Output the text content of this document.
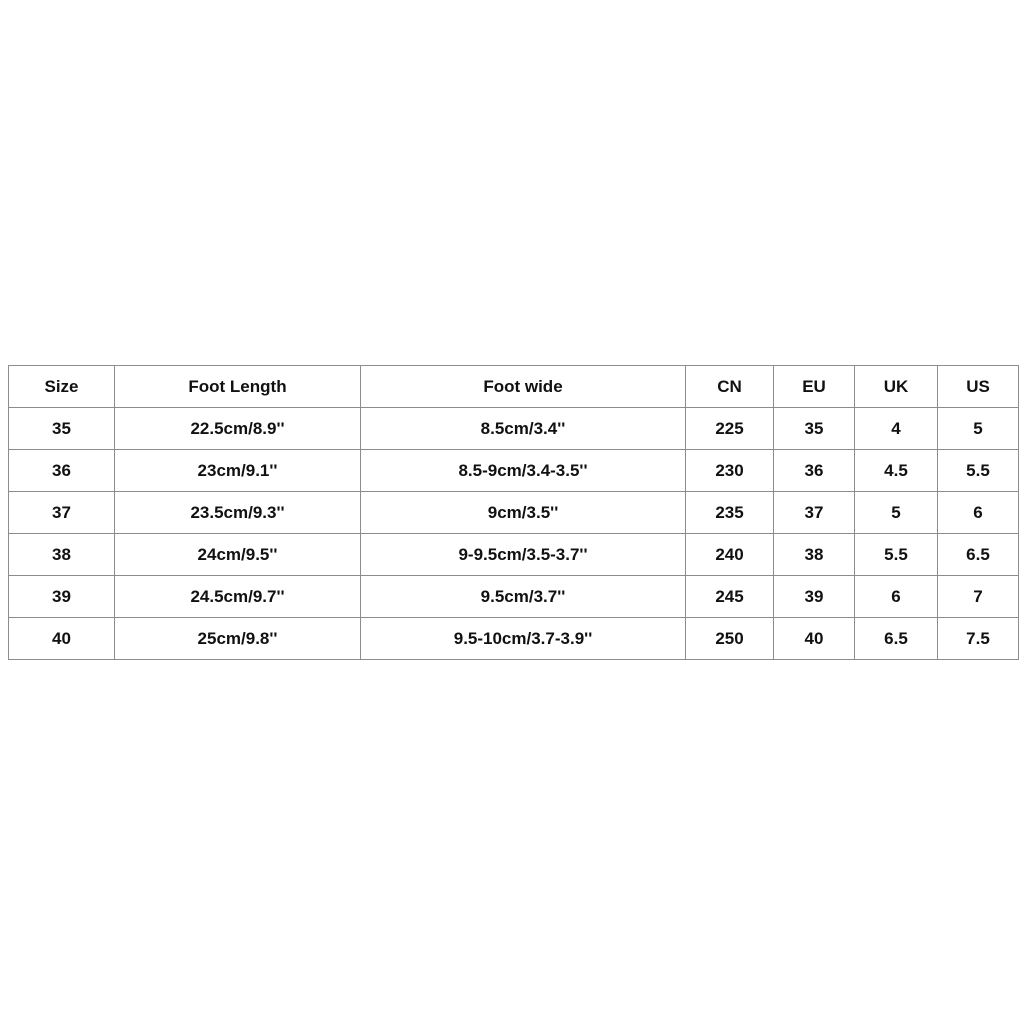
Size	Foot Length	Foot wide	CN	EU	UK	US
35	22.5cm/8.9''	8.5cm/3.4''	225	35	4	5
36	23cm/9.1''	8.5-9cm/3.4-3.5''	230	36	4.5	5.5
37	23.5cm/9.3''	9cm/3.5''	235	37	5	6
38	24cm/9.5''	9-9.5cm/3.5-3.7''	240	38	5.5	6.5
39	24.5cm/9.7''	9.5cm/3.7''	245	39	6	7
40	25cm/9.8''	9.5-10cm/3.7-3.9''	250	40	6.5	7.5
